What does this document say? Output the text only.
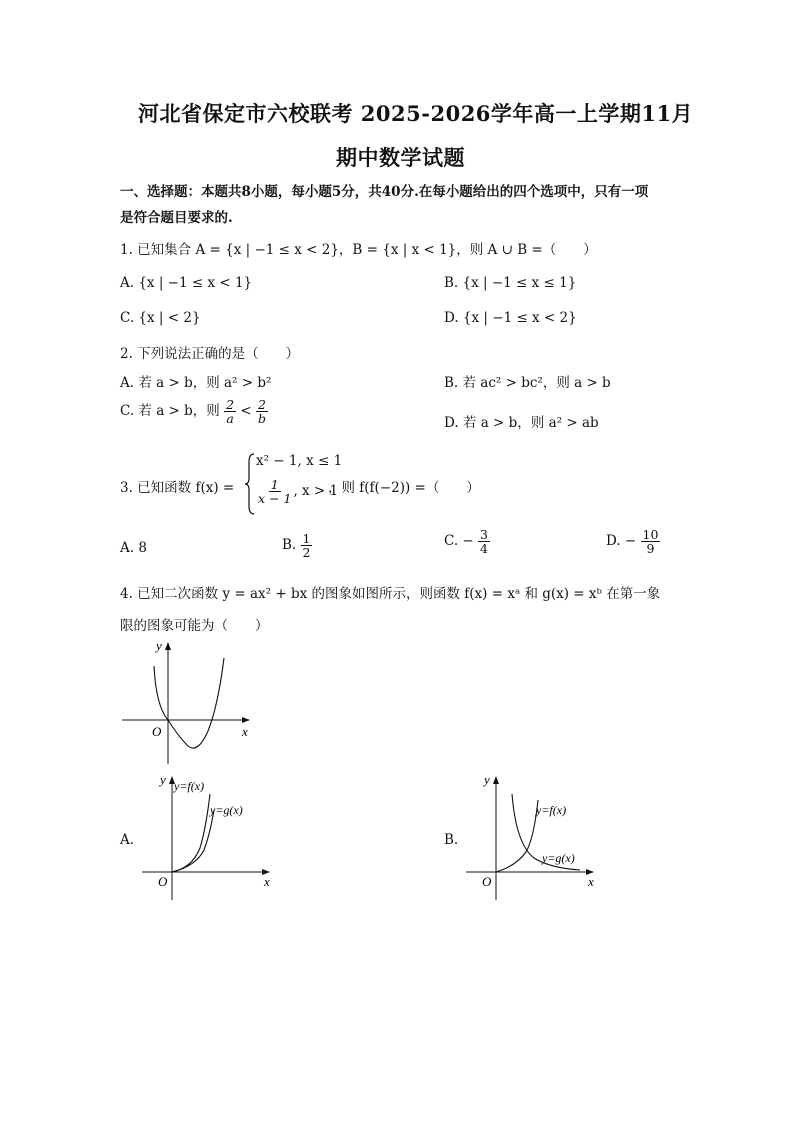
河北省保定市六校联考 2025-2026学年高一上学期11月
期中数学试题
一、选择题：本题共8小题，每小题5分，共40分.在每小题给出的四个选项中，只有一项
是符合题目要求的.
1. 已知集合 A = {x | −1 ≤ x < 2}，B = {x | x < 1}，则 A ∪ B =（　　）
A. {x | −1 ≤ x < 1}	B. {x | −1 ≤ x ≤ 1}
C. {x | < 2}	D. {x | −1 ≤ x < 2}
2. 下列说法正确的是（　　）
A. 若 a > b，则 a² > b²	B. 若 ac² > bc²，则 a > b
C. 若 a > b，则 $\frac{2}{a} < \frac{2}{b}$	D. 若 a > b，则 a² > ab
3. 已知函数 f(x) =
x² − 1, x ≤ 1
$\frac{1}{x - 1}$ , x > 1
，则 f(f(−2)) =（　　）
A. 8	B. $\frac{1}{2}$	C. − $\frac{3}{4}$	D. − $\frac{10}{9}$
4. 已知二次函数 y = ax² + bx 的图象如图所示，则函数 f(x) = xᵃ 和 g(x) = xᵇ 在第一象
限的图象可能为（　　）
x
y
O
A.
y=f(x)
y=g(x)
x
y
O
B.
y=f(x)
y=g(x)
x
y
O
